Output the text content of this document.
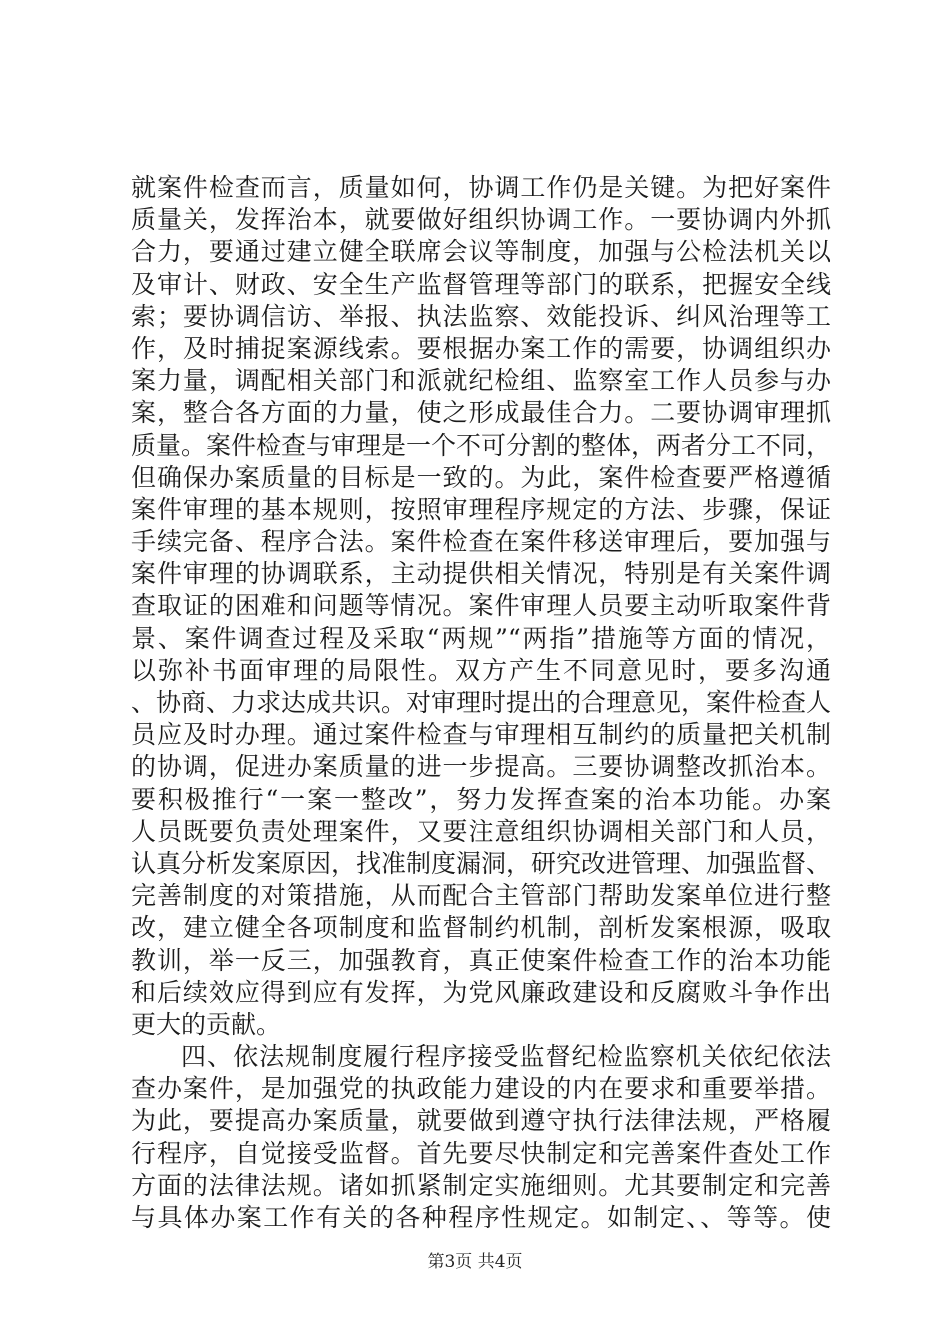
就案件检查而言，质量如何，协调工作仍是关键。为把好案件
质量关，发挥治本，就要做好组织协调工作。一要协调内外抓
合力，要通过建立健全联席会议等制度，加强与公检法机关以
及审计、财政、安全生产监督管理等部门的联系，把握安全线
索；要协调信访、举报、执法监察、效能投诉、纠风治理等工
作，及时捕捉案源线索。要根据办案工作的需要，协调组织办
案力量，调配相关部门和派就纪检组、监察室工作人员参与办
案，整合各方面的力量，使之形成最佳合力。二要协调审理抓
质量。案件检查与审理是一个不可分割的整体，两者分工不同，
但确保办案质量的目标是一致的。为此，案件检查要严格遵循
案件审理的基本规则，按照审理程序规定的方法、步骤，保证
手续完备、程序合法。案件检查在案件移送审理后，要加强与
案件审理的协调联系，主动提供相关情况，特别是有关案件调
查取证的困难和问题等情况。案件审理人员要主动听取案件背
景、案件调查过程及采取“两规”“两指”措施等方面的情况，
以弥补书面审理的局限性。双方产生不同意见时，要多沟通
、协商、力求达成共识。对审理时提出的合理意见，案件检查人
员应及时办理。通过案件检查与审理相互制约的质量把关机制
的协调，促进办案质量的进一步提高。三要协调整改抓治本。
要积极推行“一案一整改”，努力发挥查案的治本功能。办案
人员既要负责处理案件，又要注意组织协调相关部门和人员，
认真分析发案原因，找准制度漏洞，研究改进管理、加强监督、
完善制度的对策措施，从而配合主管部门帮助发案单位进行整
改，建立健全各项制度和监督制约机制，剖析发案根源，吸取
教训，举一反三，加强教育，真正使案件检查工作的治本功能
和后续效应得到应有发挥，为党风廉政建设和反腐败斗争作出
更大的贡献。
四、依法规制度履行程序接受监督纪检监察机关依纪依法
查办案件，是加强党的执政能力建设的内在要求和重要举措。
为此，要提高办案质量，就要做到遵守执行法律法规，严格履
行程序，自觉接受监督。首先要尽快制定和完善案件查处工作
方面的法律法规。诸如抓紧制定实施细则。尤其要制定和完善
与具体办案工作有关的各种程序性规定。如制定、、等等。使
第3页 共4页
